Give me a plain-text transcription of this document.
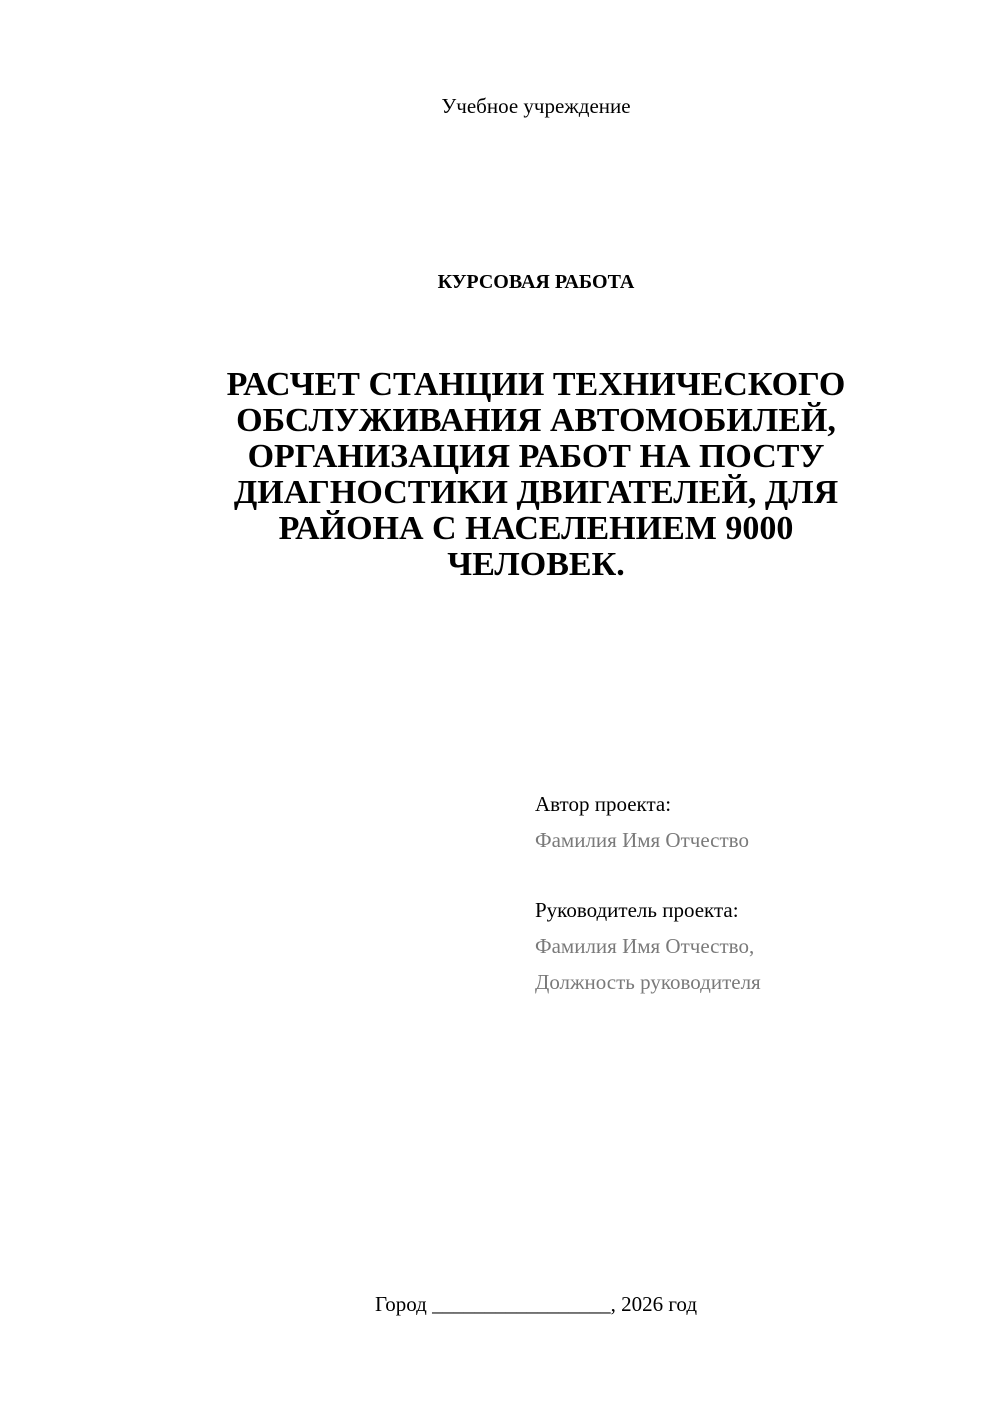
Учебное учреждение
КУРСОВАЯ РАБОТА
РАСЧЕТ СТАНЦИИ ТЕХНИЧЕСКОГО
ОБСЛУЖИВАНИЯ АВТОМОБИЛЕЙ,
ОРГАНИЗАЦИЯ РАБОТ НА ПОСТУ
ДИАГНОСТИКИ ДВИГАТЕЛЕЙ, ДЛЯ
РАЙОНА С НАСЕЛЕНИЕМ 9000
ЧЕЛОВЕК.
Автор проекта:
Фамилия Имя Отчество
Руководитель проекта:
Фамилия Имя Отчество,
Должность руководителя
Город _________________, 2026 год
